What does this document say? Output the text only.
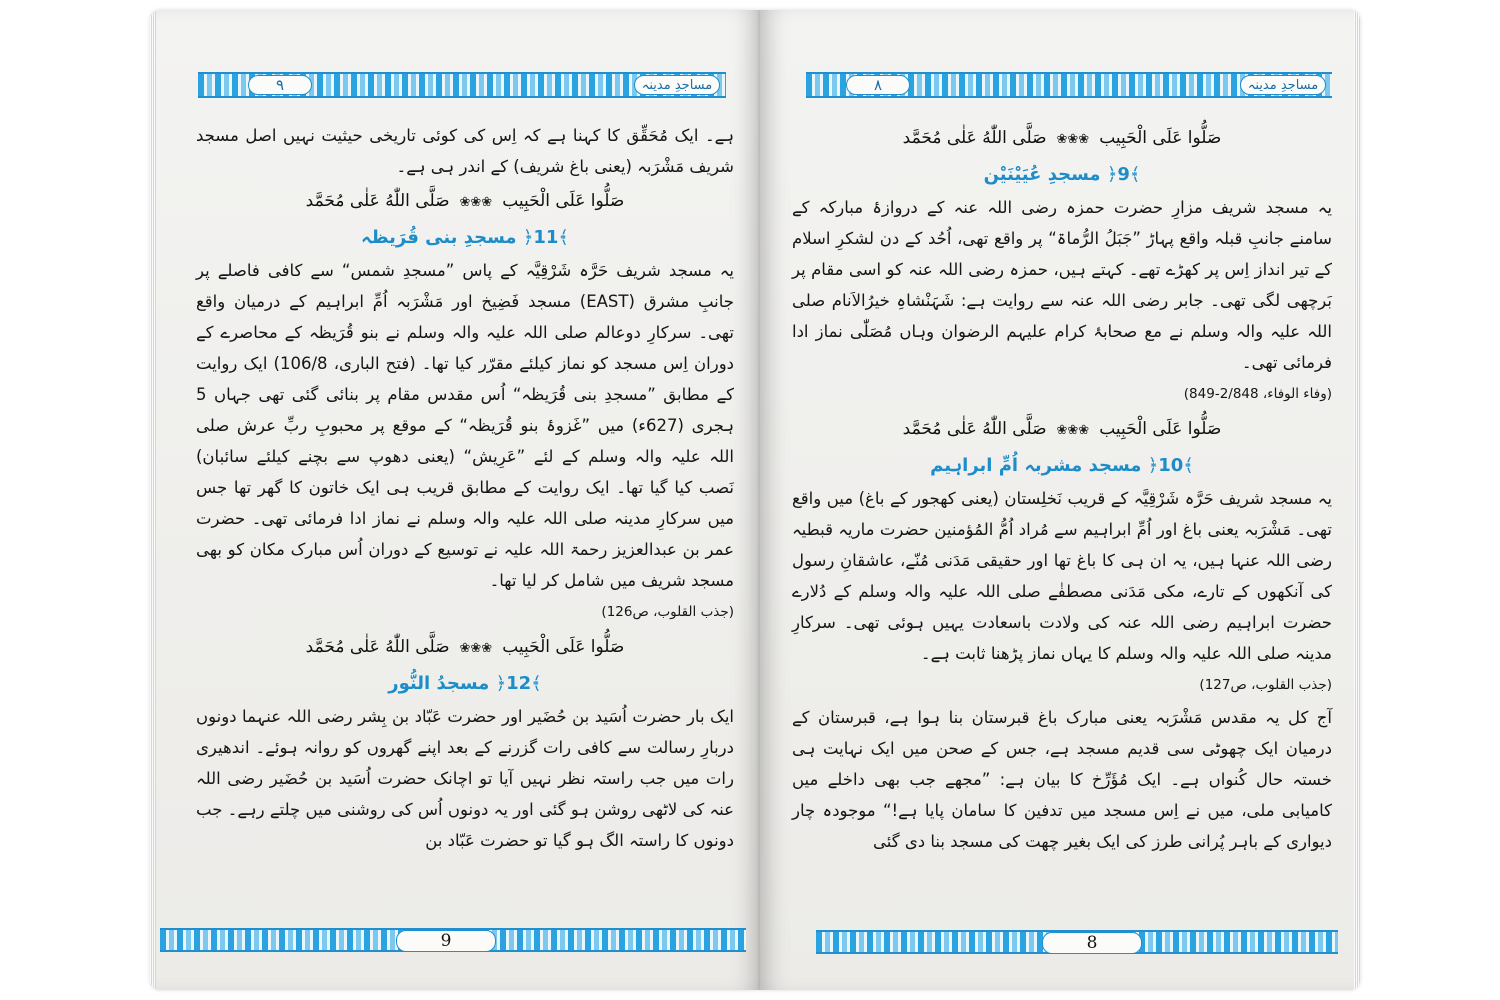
٩	مساجدِ مدینہ

ہے۔ ایک مُحَقِّق کا کہنا ہے کہ اِس کی کوئی تاریخی حیثیت نہیں اصل مسجد شریف مَشْرَبہ (یعنی باغ شریف) کے اندر ہی ہے۔

صَلُّوا عَلَى الْحَبِيب❀❀❀صَلَّى اللّٰهُ عَلٰى مُحَمَّد
﴾11﴿ مسجدِ بنی قُرَیظہ

یہ مسجد شریف حَرَّہ شَرْقِیَّہ کے پاس ”مسجدِ شمس“ سے کافی فاصلے پر جانبِ مشرق (EAST) مسجد فَضِیخ اور مَشْرَبہ اُمِّ ابراہیم کے درمیان واقع تھی۔ سرکارِ دوعالم صلی اللہ علیہ والہ وسلم نے بنو قُرَیظہ کے محاصرے کے دوران اِس مسجد کو نماز کیلئے مقرّر کیا تھا۔ (فتح الباری، 106/8) ایک روایت کے مطابق ”مسجدِ بنی قُرَیظہ“ اُس مقدس مقام پر بنائی گئی تھی جہاں 5 ہجری (627ء) میں ”غَزوۂ بنو قُرَیظہ“ کے موقع پر محبوبِ ربِّ عرش صلی اللہ علیہ والہ وسلم کے لئے ”عَرِیش“ (یعنی دھوپ سے بچنے کیلئے سائبان) نَصب کیا گیا تھا۔ ایک روایت کے مطابق قریب ہی ایک خاتون کا گھر تھا جس میں سرکارِ مدینہ صلی اللہ علیہ والہ وسلم نے نماز ادا فرمائی تھی۔ حضرت عمر بن عبدالعزیز رحمۃ اللہ علیہ نے توسیع کے دوران اُس مبارک مکان کو بھی مسجد شریف میں شامل کر لیا تھا۔

(جذب القلوب، ص126)

صَلُّوا عَلَى الْحَبِيب❀❀❀صَلَّى اللّٰهُ عَلٰى مُحَمَّد
﴾12﴿ مسجدُ النُّور

ایک بار حضرت اُسَید بن حُضَیر اور حضرت عَبّاد بن بِشر رضی اللہ عنہما دونوں دربارِ رسالت سے کافی رات گزرنے کے بعد اپنے گھروں کو روانہ ہوئے۔ اندھیری رات میں جب راستہ نظر نہیں آیا تو اچانک حضرت اُسَید بن حُضَیر رضی اللہ عنہ کی لاٹھی روشن ہو گئی اور یہ دونوں اُس کی روشنی میں چلتے رہے۔ جب دونوں کا راستہ الگ ہو گیا تو حضرت عَبّاد بن

9
٨	مساجدِ مدینہ
صَلُّوا عَلَى الْحَبِيب❀❀❀صَلَّى اللّٰهُ عَلٰى مُحَمَّد
﴾9﴿ مسجدِ عُیَیْنَیْن

یہ مسجد شریف مزارِ حضرت حمزہ رضی اللہ عنہ کے دروازۂ مبارکہ کے سامنے جانبِ قبلہ واقع پہاڑ ”جَبَلُ الرُّماۃ“ پر واقع تھی، اُحُد کے دن لشکرِ اسلام کے تیر انداز اِس پر کھڑے تھے۔ کہتے ہیں، حمزہ رضی اللہ عنہ کو اسی مقام پر بَرچھی لگی تھی۔ جابر رضی اللہ عنہ سے روایت ہے: شَہَنْشاہِ خیرُالاَنام صلی اللہ علیہ والہ وسلم نے مع صحابۂ کرام علیہم الرضوان وہاں مُصَلّٰی نماز ادا فرمائی تھی۔

(وفاء الوفاء، 2/848-849)

صَلُّوا عَلَى الْحَبِيب❀❀❀صَلَّى اللّٰهُ عَلٰى مُحَمَّد
﴾10﴿ مسجد مشربہ اُمِّ ابراہیم

یہ مسجد شریف حَرَّہ شَرْقِیَّہ کے قریب نَخلِستان (یعنی کھجور کے باغ) میں واقع تھی۔ مَشْرَبہ یعنی باغ اور اُمِّ ابراہیم سے مُراد اُمُّ المُؤمنین حضرت ماریہ قبطیہ رضی اللہ عنہا ہیں، یہ ان ہی کا باغ تھا اور حقیقی مَدَنی مُنّے، عاشقانِ رسول کی آنکھوں کے تارے، مکی مَدَنی مصطفٰے صلی اللہ علیہ والہ وسلم کے دُلارے حضرت ابراہیم رضی اللہ عنہ کی ولادت باسعادت یہیں ہوئی تھی۔ سرکارِ مدینہ صلی اللہ علیہ والہ وسلم کا یہاں نماز پڑھنا ثابت ہے۔

(جذب القلوب، ص127)

آج کل یہ مقدس مَشْرَبہ یعنی مبارک باغ قبرستان بنا ہوا ہے، قبرستان کے درمیان ایک چھوٹی سی قدیم مسجد ہے، جس کے صحن میں ایک نہایت ہی خستہ حال کُنواں ہے۔ ایک مُؤَرِّخ کا بیان ہے: ”مجھے جب بھی داخلے میں کامیابی ملی، میں نے اِس مسجد میں تدفین کا سامان پایا ہے!“ موجودہ چار دیواری کے باہر پُرانی طرز کی ایک بغیر چھت کی مسجد بنا دی گئی

8
